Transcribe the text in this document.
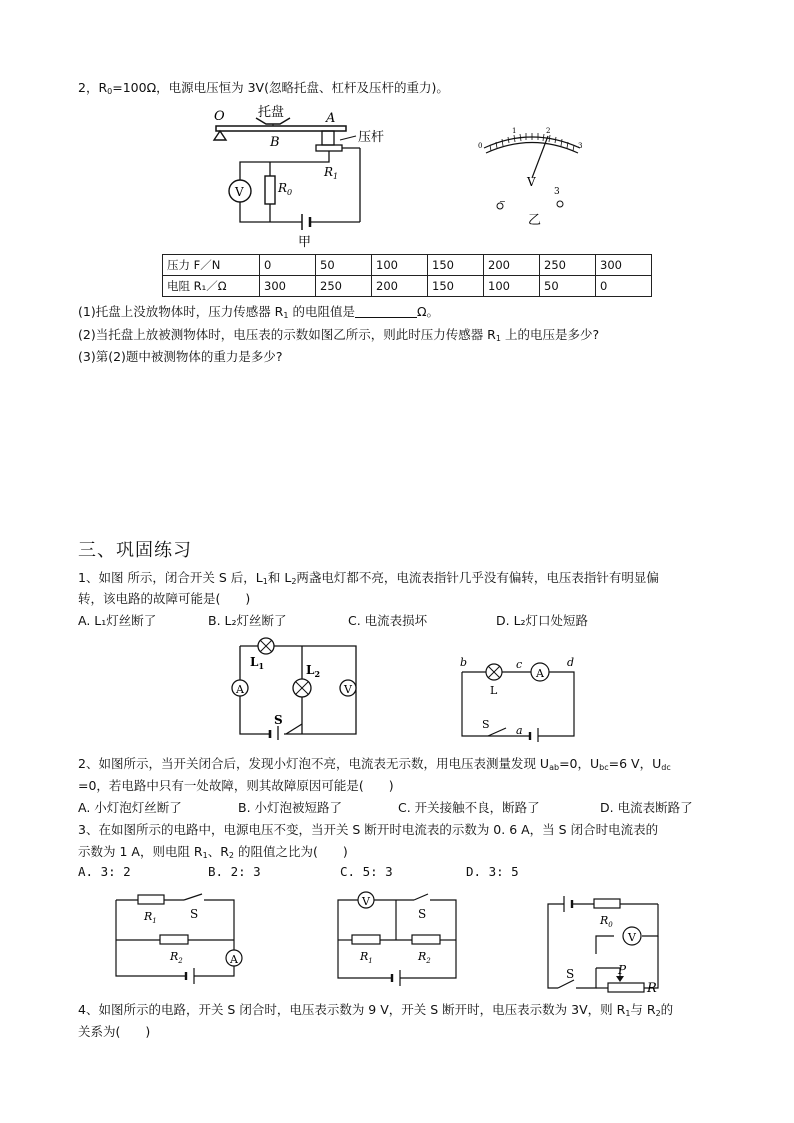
2，$R_0=100\Omega$，电源电压恒为 3V(忽略托盘、杠杆及压杆的重力)。
托盘
O	A
B	压杆
$R_1$
V	$R_0$
甲
0
1	2
3
V
−
3
乙
压力 F／N	0	50	100	150	200	250	300
电阻 R₁／Ω	300	250	200	150	100	50	0
(1)托盘上没放物体时，压力传感器 $R_1$ 的电阻值是	Ω。
(2)当托盘上放被测物体时，电压表的示数如图乙所示，则此时压力传感器 $R_1$ 上的电压是多少?
(3)第(2)题中被测物体的重力是多少?
三、巩固练习
1、如图 所示，闭合开关 S 后，$L_1$和 $L_2$两盏电灯都不亮，电流表指针几乎没有偏转，电压表指针有明显偏
转，该电路的故障可能是(　　)
A. L₁灯丝断了	B. L₂灯丝断了	C. 电流表损坏	D. L₂灯口处短路
$L_1$	$L_2$
A	V
S
A
b	c	d
L
S a
2、如图所示，当开关闭合后，发现小灯泡不亮，电流表无示数，用电压表测量发现 $U_{ab}=0$，$U_{bc}=6$ V，$U_{dc}$
=0，若电路中只有一处故障，则其故障原因可能是(　　)
A. 小灯泡灯丝断了	B. 小灯泡被短路了	C. 开关接触不良，断路了	D. 电流表断路了
3、在如图所示的电路中，电源电压不变，当开关 S 断开时电流表的示数为 0. 6 A，当 S 闭合时电流表的
示数为 1 A，则电阻 $R_1$、$R_2$ 的阻值之比为(　　)
A. 3: 2	B. 2: 3	C. 5: 3	D. 3: 5
A
$R_1$
$R_2$
S
V
$R_1$	$R_2$
S	$R_0$
V
P
R
S
4、如图所示的电路，开关 S 闭合时，电压表示数为 9 V，开关 S 断开时，电压表示数为 3V，则 $R_1$与 $R_2$的
关系为(　　)
